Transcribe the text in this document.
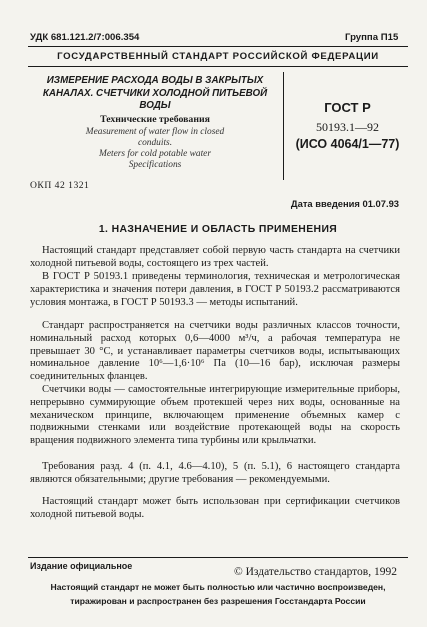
УДК 681.121.2/7:006.354	Группа П15
ГОСУДАРСТВЕННЫЙ СТАНДАРТ РОССИЙСКОЙ ФЕДЕРАЦИИ
ИЗМЕРЕНИЕ РАСХОДА ВОДЫ В ЗАКРЫТЫХ
КАНАЛАХ. СЧЕТЧИКИ ХОЛОДНОЙ ПИТЬЕВОЙ
ВОДЫ
Технические требования
Measurement of water flow in closed
conduits.
Meters for cold potable water
Specifications
ГОСТ Р
50193.1—92
(ИСО 4064/1—77)
ОКП 42 1321
Дата введения 01.07.93
1. НАЗНАЧЕНИЕ И ОБЛАСТЬ ПРИМЕНЕНИЯ
Настоящий стандарт представляет собой первую часть стандарта на счетчики холодной питьевой воды, состоящего из трех частей.
В ГОСТ Р 50193.1 приведены терминология, техническая и метрологическая характеристика и значения потери давления, в ГОСТ Р 50193.2 рассматриваются условия монтажа, в ГОСТ Р 50193.3 — методы испытаний.
Стандарт распространяется на счетчики воды различных классов точности, номинальный расход которых 0,6—4000 м³/ч, а рабочая температура не превышает 30 °С, и устанавливает параметры счетчиков воды, испытывающих номинальное давление 10⁶—1,6·10⁶ Па (10—16 бар), исключая размеры соединительных фланцев.
Счетчики воды — самостоятельные интегрирующие измерительные приборы, непрерывно суммирующие объем протекшей через них воды, основанные на механическом принципе, включающем применение объемных камер с подвижными стенками или воздействие протекающей воды на скорость вращения подвижного элемента типа турбины или крыльчатки.
Требования разд. 4 (п. 4.1, 4.6—4.10), 5 (п. 5.1), 6 настоящего стандарта являются обязательными; другие требования — рекомендуемыми.
Настоящий стандарт может быть использован при сертификации счетчиков холодной питьевой воды.
Издание официальное	© Издательство стандартов, 1992
Настоящий стандарт не может быть полностью или частично воспроизведен,
тиражирован и распространен без разрешения Госстандарта России
